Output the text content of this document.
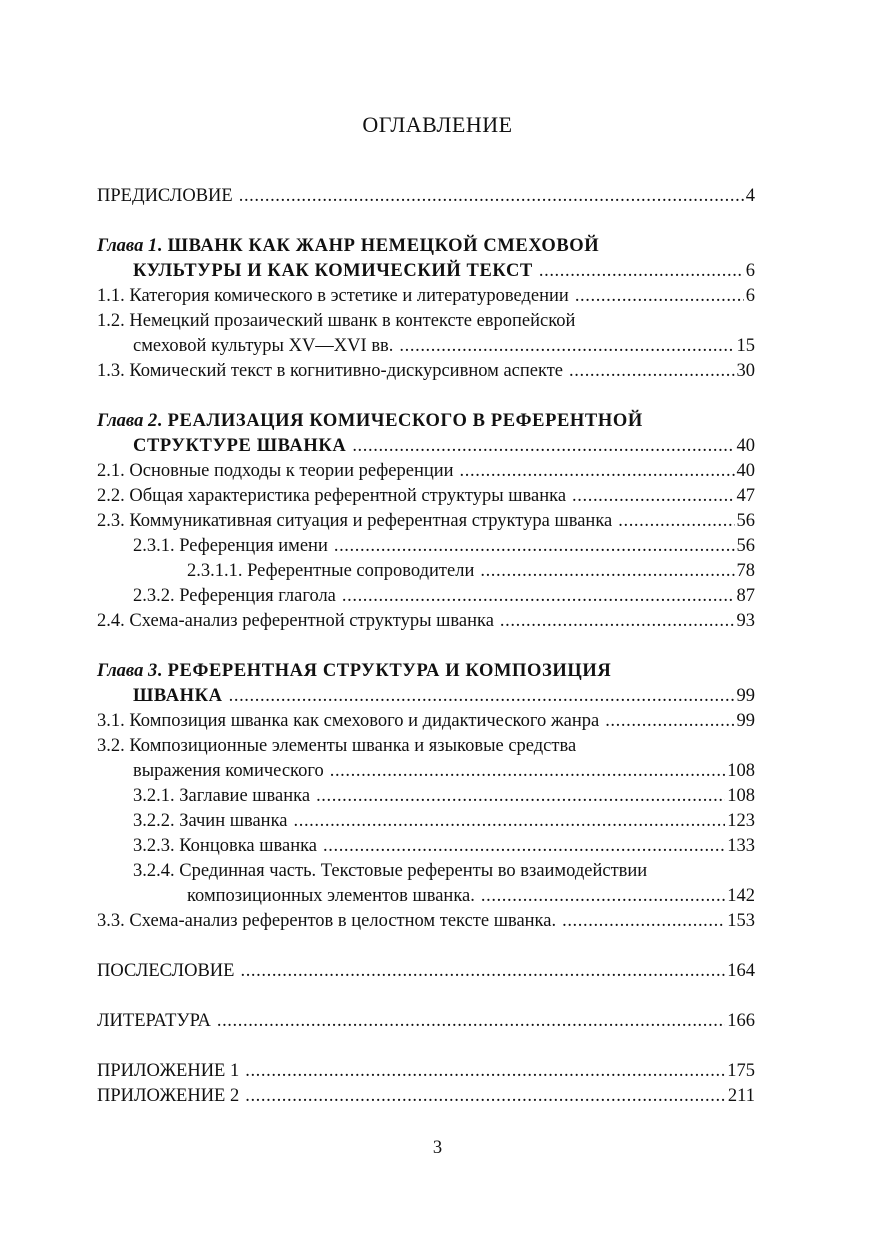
ОГЛАВЛЕНИЕ
ПРЕДИСЛОВИЕ .....	4
Глава 1. ШВАНК КАК ЖАНР НЕМЕЦКОЙ СМЕХОВОЙ
КУЛЬТУРЫ И КАК КОМИЧЕСКИЙ ТЕКСТ .....	6
1.1. Категория комического в эстетике и литературоведении .....	6
1.2. Немецкий прозаический шванк в контексте европейской
смеховой культуры XV—XVI вв. .....	15
1.3. Комический текст в когнитивно-дискурсивном аспекте .....	30
Глава 2. РЕАЛИЗАЦИЯ КОМИЧЕСКОГО В РЕФЕРЕНТНОЙ
СТРУКТУРЕ ШВАНКА .....	40
2.1. Основные подходы к теории референции .....	40
2.2. Общая характеристика референтной структуры шванка .....	47
2.3. Коммуникативная ситуация и референтная структура шванка .....	56
2.3.1. Референция имени .....	56
2.3.1.1. Референтные сопроводители .....	78
2.3.2. Референция глагола .....	87
2.4. Схема-анализ референтной структуры шванка .....	93
Глава 3. РЕФЕРЕНТНАЯ СТРУКТУРА И КОМПОЗИЦИЯ
ШВАНКА .....	99
3.1. Композиция шванка как смехового и дидактического жанра .....	99
3.2. Композиционные элементы шванка и языковые средства
выражения комического .....	108
3.2.1. Заглавие шванка .....	108
3.2.2. Зачин шванка .....	123
3.2.3. Концовка шванка .....	133
3.2.4. Срединная часть. Текстовые референты во взаимодействии
композиционных элементов шванка. .....	142
3.3. Схема-анализ референтов в целостном тексте шванка. .....	153
ПОСЛЕСЛОВИЕ .....	164
ЛИТЕРАТУРА .....	166
ПРИЛОЖЕНИЕ 1 .....	175
ПРИЛОЖЕНИЕ 2 .....	211
3
